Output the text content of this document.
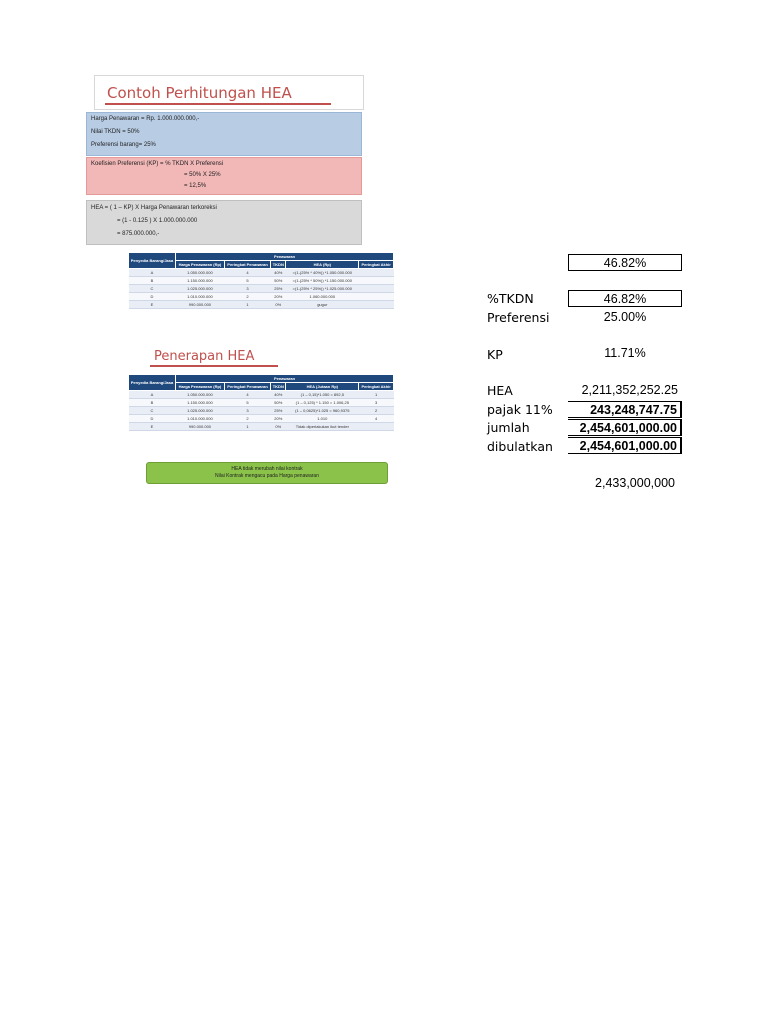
Contoh Perhitungan HEA
Harga Penawaran = Rp. 1.000.000.000,-
Nilai TKDN = 50%
Preferensi barang= 25%
Koefisien Preferensi (KP) = % TKDN X Preferensi
= 50% X 25%
= 12,5%
HEA = ( 1 – KP) X Harga Penawaran terkoreksi
= (1 - 0.125 ) X 1.000.000.000
= 875.000.000,-
Penyedia Barang/Jasa	Penawaran				
	Harga Penawaran (Rp)	Peringkat Penawaran	TKDN	HEA (Rp)	Peringkat Akhir
A	1.050.000.000	4	40%	=(1-(25% * 40%)) *1.050.000.000	
B	1.150.000.000	5	50%	=(1-(25% * 50%)) *1.150.000.000	
C	1.025.000.000	3	25%	=(1-(25% * 25%)) *1.025.000.000	
D	1.010.000.000	2	20%	1.060.000.000	
E	990.000.000	1	0%	gugur	
Penerapan HEA
Penyedia Barang/Jasa	Penawaran				
	Harga Penawaran (Rp)	Peringkat Penawaran	TKDN	HEA (Jutaan Rp)	Peringkat Akhir
A	1.050.000.000	4	40%	(1 – 0,15)*1.050 = 892,5	1
B	1.150.000.000	5	50%	(1 – 0,125) * 1.150 = 1.006,25	3
C	1.025.000.000	3	25%	(1 – 0,0625)*1.025 = 960,9375	2
D	1.010.000.000	2	20%	1.010	4
E	990.000.000	1	0%	Tidak diperlakukan ikut tender	
HEA tidak merubah nilai kontrak
Nilai Kontrak mengacu pada Harga penawaran
46.82%
%TKDN	46.82%
Preferensi	25.00%
KP	11.71%
HEA	2,211,352,252.25
pajak 11%	243,248,747.75
jumlah	2,454,601,000.00
dibulatkan	2,454,601,000.00
2,433,000,000
